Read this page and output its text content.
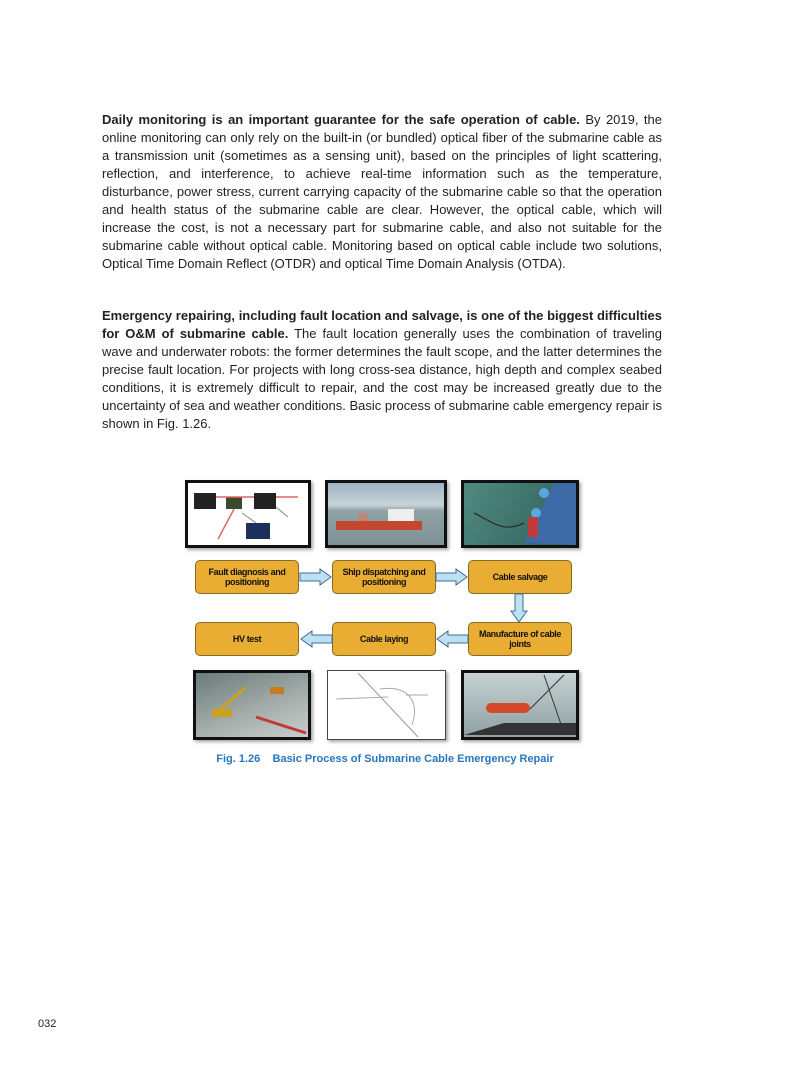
Daily monitoring is an important guarantee for the safe operation of cable. By 2019, the online monitoring can only rely on the built-in (or bundled) optical fiber of the submarine cable as a transmission unit (sometimes as a sensing unit), based on the principles of light scattering, reflection, and interference, to achieve real-time information such as the temperature, disturbance, power stress, current carrying capacity of the submarine cable so that the operation and health status of the submarine cable are clear. However, the optical cable, which will increase the cost, is not a necessary part for submarine cable, and also not suitable for the submarine cable without optical cable. Monitoring based on optical cable include two solutions, Optical Time Domain Reflect (OTDR) and optical Time Domain Analysis (OTDA).

Emergency repairing, including fault location and salvage, is one of the biggest difficulties for O&M of submarine cable. The fault location generally uses the combination of traveling wave and underwater robots: the former determines the fault scope, and the latter determines the precise fault location. For projects with long cross-sea distance, high depth and complex seabed conditions, it is extremely difficult to repair, and the cost may be increased greatly due to the uncertainty of sea and weather conditions. Basic process of submarine cable emergency repair is shown in Fig. 1.26.

Fault diagnosis and positioning
Ship dispatching and positioning	Cable salvage
Manufacture of cable joints
Cable laying
HV test
Fig. 1.26    Basic Process of Submarine Cable Emergency Repair
032
